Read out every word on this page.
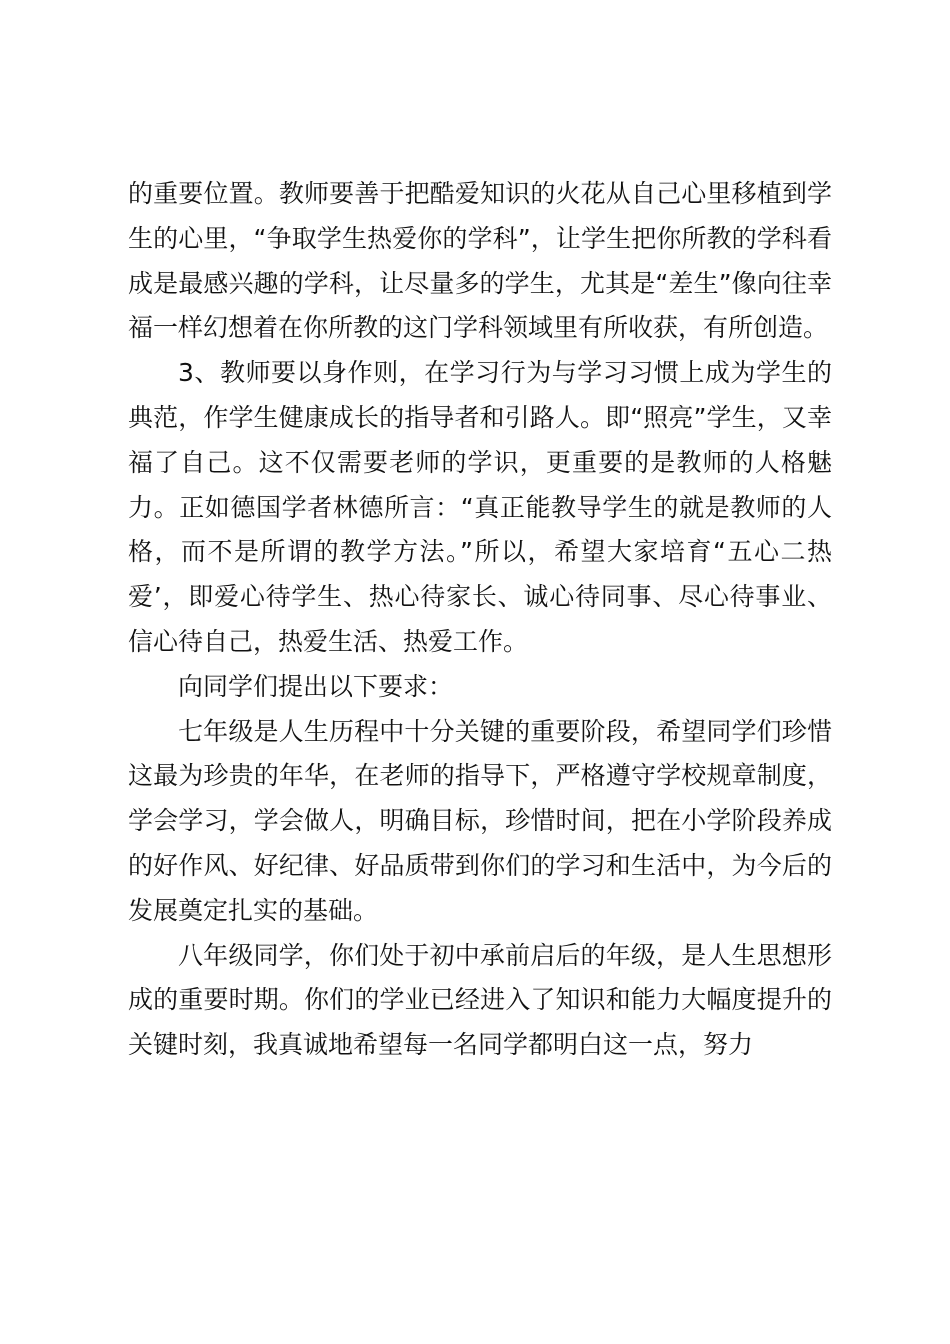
的重要位置。教师要善于把酷爱知识的火花从自己心里移植到学生的心里，“争取学生热爱你的学科”，让学生把你所教的学科看成是最感兴趣的学科，让尽量多的学生，尤其是“差生”像向往幸福一样幻想着在你所教的这门学科领域里有所收获，有所创造。

3、教师要以身作则，在学习行为与学习习惯上成为学生的典范，作学生健康成长的指导者和引路人。即“照亮”学生，又幸福了自己。这不仅需要老师的学识，更重要的是教师的人格魅力。正如德国学者林德所言：“真正能教导学生的就是教师的人格，而不是所谓的教学方法。”所以，希望大家培育“五心二热爱’，即爱心待学生、热心待家长、诚心待同事、尽心待事业、信心待自己，热爱生活、热爱工作。

向同学们提出以下要求：

七年级是人生历程中十分关键的重要阶段，希望同学们珍惜这最为珍贵的年华，在老师的指导下，严格遵守学校规章制度，学会学习，学会做人，明确目标，珍惜时间，把在小学阶段养成的好作风、好纪律、好品质带到你们的学习和生活中，为今后的发展奠定扎实的基础。

八年级同学，你们处于初中承前启后的年级，是人生思想形成的重要时期。你们的学业已经进入了知识和能力大幅度提升的关键时刻，我真诚地希望每一名同学都明白这一点，努力
